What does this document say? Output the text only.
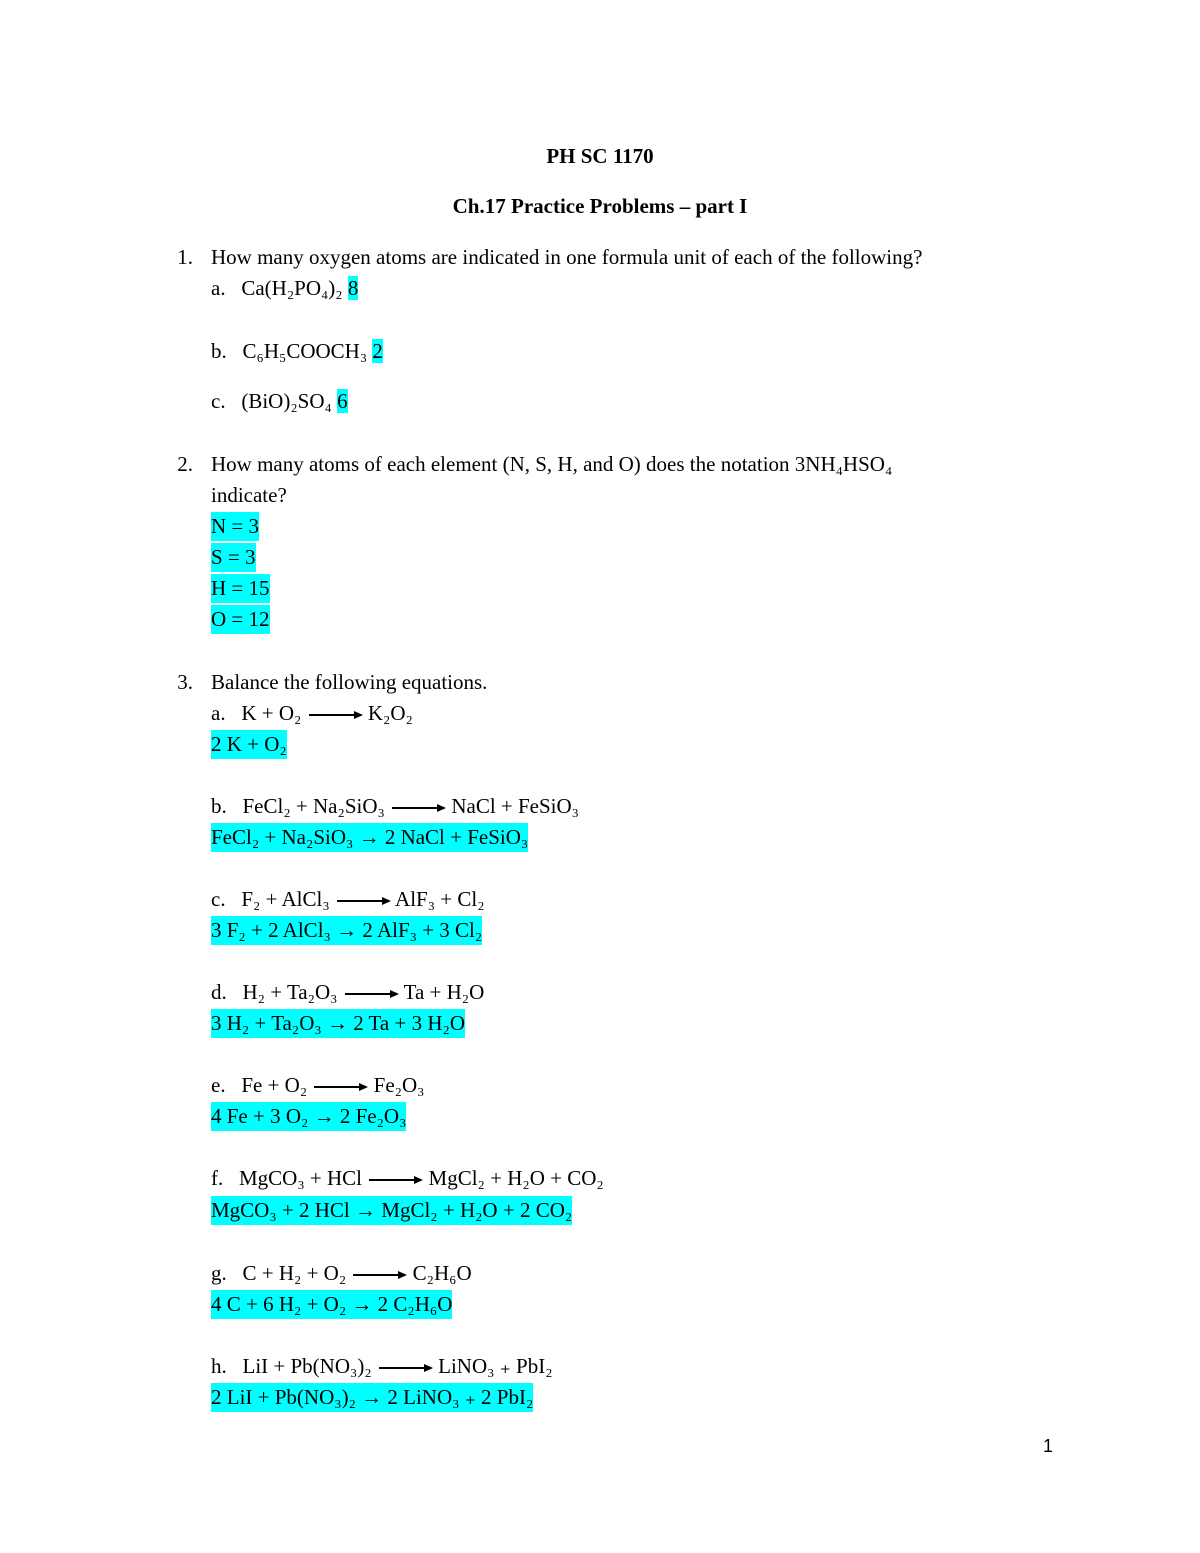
PH SC 1170
Ch.17 Practice Problems – part I
1. How many oxygen atoms are indicated in one formula unit of each of the following?
a. Ca(H₂PO₄)₂ 8
b. C₆H₅COOCH₃ 2
c. (BiO)₂SO₄ 6
2. How many atoms of each element (N, S, H, and O) does the notation 3NH₄HSO₄
indicate?
N = 3
S = 3
H = 15
O = 12
3. Balance the following equations.
a. K + O₂ → K₂O₂
2 K + O₂
b. FeCl₂ + Na₂SiO₃ → NaCl + FeSiO₃
FeCl₂ + Na₂SiO₃ → 2 NaCl + FeSiO₃
c. F₂ + AlCl₃ → AlF₃ + Cl₂
3 F₂ + 2 AlCl₃ → 2 AlF₃ + 3 Cl₂
d. H₂ + Ta₂O₃ → Ta + H₂O
3 H₂ + Ta₂O₃ → 2 Ta + 3 H₂O
e. Fe + O₂ → Fe₂O₃
4 Fe + 3 O₂ → 2 Fe₂O₃
f. MgCO₃ + HCl → MgCl₂ + H₂O + CO₂
MgCO₃ + 2 HCl → MgCl₂ + H₂O + 2 CO₂
g. C + H₂ + O₂ → C₂H₆O
4 C + 6 H₂ + O₂ → 2 C₂H₆O
h. LiI + Pb(NO₃)₂ → LiNO₃ ₊ PbI₂
2 LiI + Pb(NO₃)₂ → 2 LiNO₃ ₊ 2 PbI₂
1
